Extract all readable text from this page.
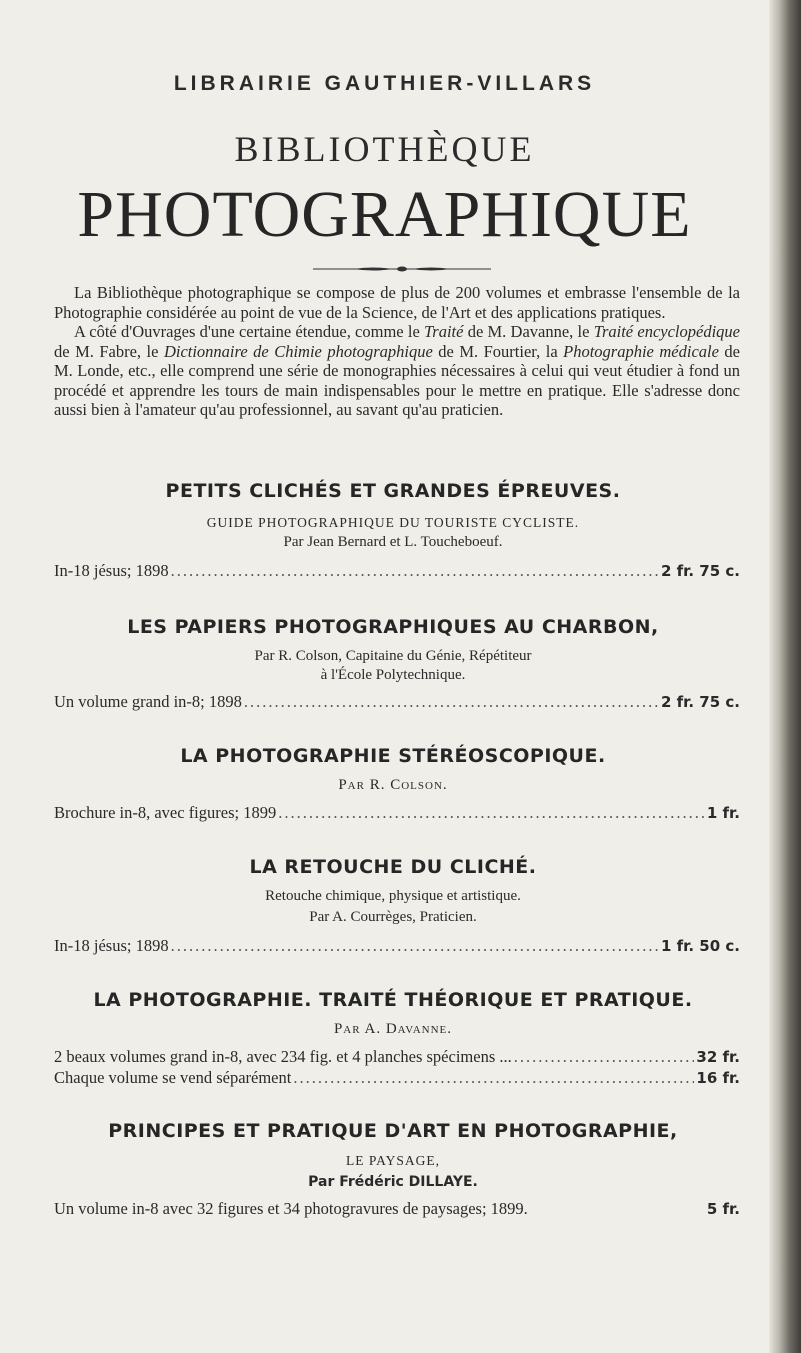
LIBRAIRIE GAUTHIER-VILLARS
BIBLIOTHÈQUE
PHOTOGRAPHIQUE

La Bibliothèque photographique se compose de plus de 200 volumes et embrasse l'ensemble de la Photographie considérée au point de vue de la Science, de l'Art et des applications pratiques.

A côté d'Ouvrages d'une certaine étendue, comme le Traité de M. Davanne, le Traité encyclopédique de M. Fabre, le Dictionnaire de Chimie photographique de M. Fourtier, la Photographie médicale de M. Londe, etc., elle comprend une série de monographies nécessaires à celui qui veut étudier à fond un procédé et apprendre les tours de main indispensables pour le mettre en pratique. Elle s'adresse donc aussi bien à l'amateur qu'au professionnel, au savant qu'au praticien.

PETITS CLICHÉS ET GRANDES ÉPREUVES.
GUIDE PHOTOGRAPHIQUE DU TOURISTE CYCLISTE.
Par Jean Bernard et L. Toucheboeuf.
In-18 jésus; 1898 .....	2 fr. 75 c.
LES PAPIERS PHOTOGRAPHIQUES AU CHARBON,
Par R. Colson, Capitaine du Génie, Répétiteur
à l'École Polytechnique.
Un volume grand in-8; 1898 .....	2 fr. 75 c.
LA PHOTOGRAPHIE STÉRÉOSCOPIQUE.
Par R. Colson.
Brochure in-8, avec figures; 1899 .....	1 fr.
LA RETOUCHE DU CLICHÉ.
Retouche chimique, physique et artistique.
Par A. Courrèges, Praticien.
In-18 jésus; 1898 .....	1 fr. 50 c.
LA PHOTOGRAPHIE. TRAITÉ THÉORIQUE ET PRATIQUE.
Par A. Davanne.
2 beaux volumes grand in-8, avec 234 fig. et 4 planches spécimens ... .....	32 fr.
Chaque volume se vend séparément .....	16 fr.
PRINCIPES ET PRATIQUE D'ART EN PHOTOGRAPHIE,
LE PAYSAGE,
Par Frédéric DILLAYE.
Un volume in-8 avec 32 figures et 34 photogravures de paysages; 1899.	5 fr.
